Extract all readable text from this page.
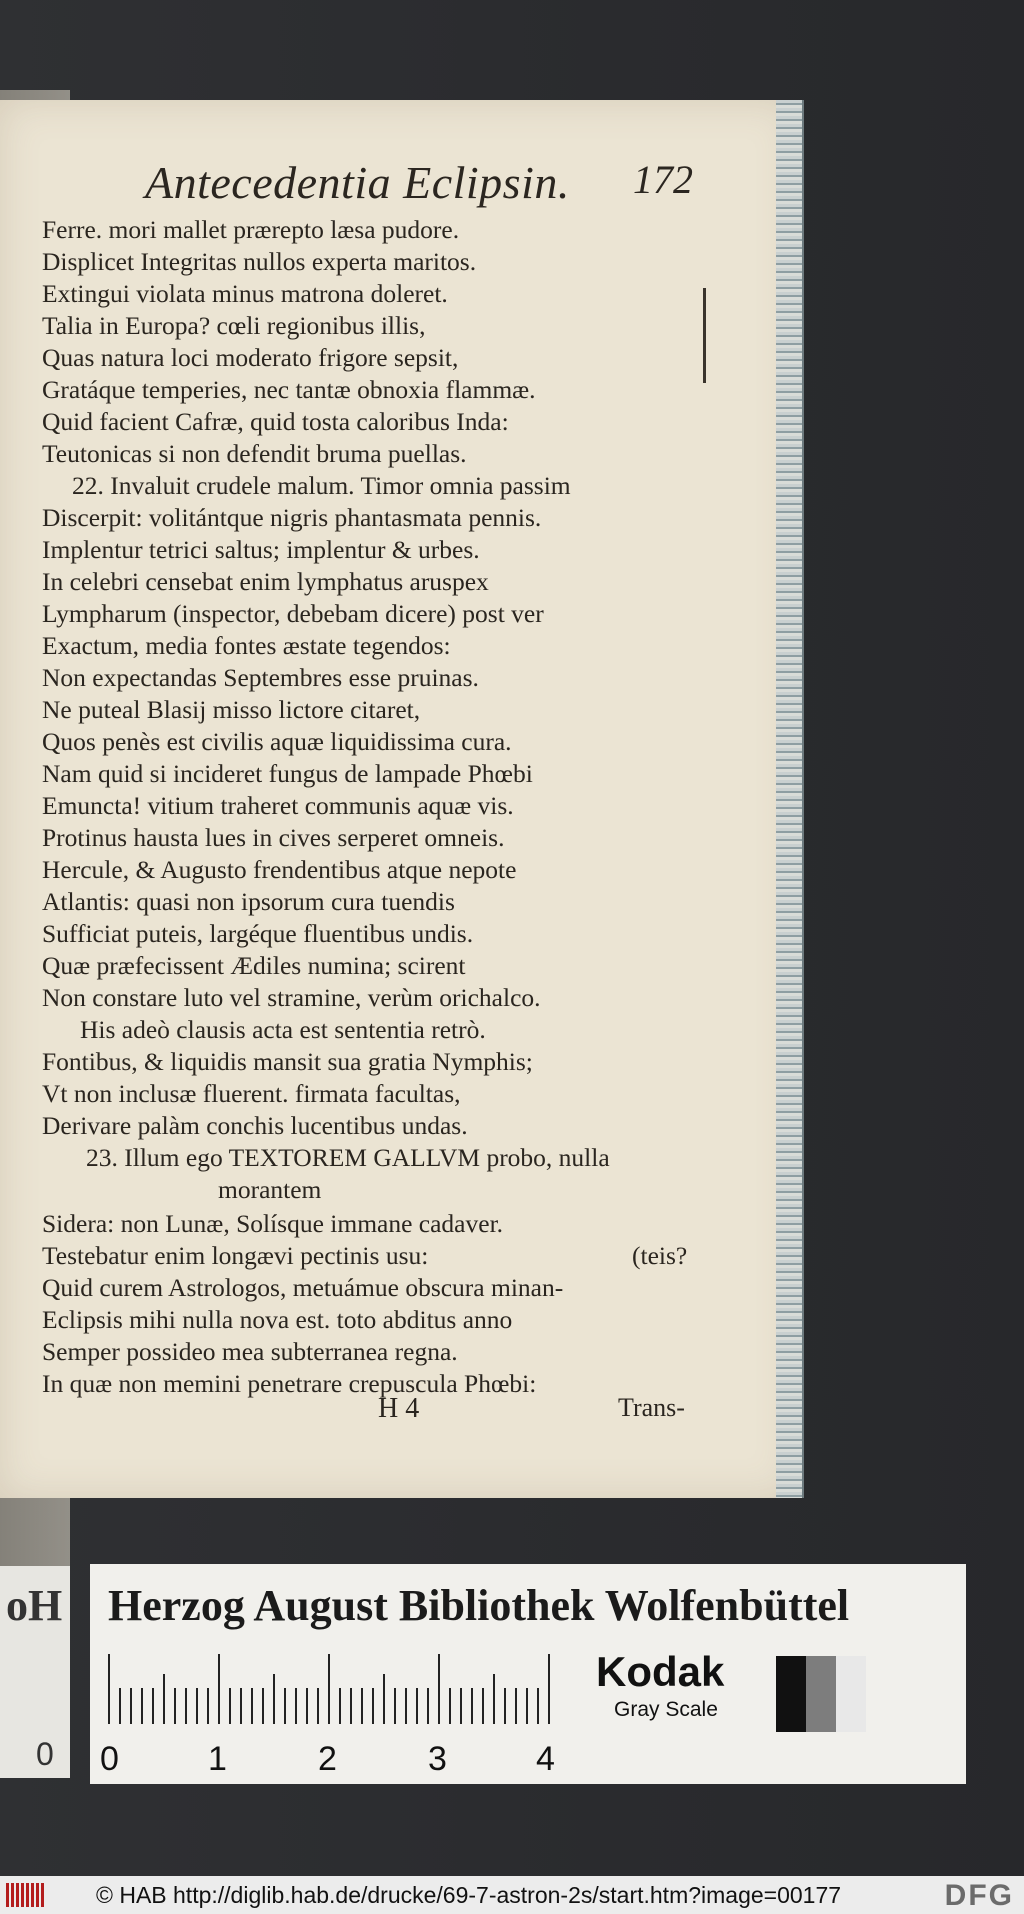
Antecedentia Eclipsin. 172
Ferre. mori mallet prærepto læsa pudore.
Displicet Integritas nullos experta maritos.
Extingui violata minus matrona doleret.
Talia in Europa? cœli regionibus illis,
Quas natura loci moderato frigore sepsit,
Gratáque temperies, nec tantæ obnoxia flammæ.
Quid facient Cafræ, quid tosta caloribus Inda:
Teutonicas si non defendit bruma puellas.
22. Invaluit crudele malum. Timor omnia passim
Discerpit: volitántque nigris phantasmata pennis.
Implentur tetrici saltus; implentur & urbes.
In celebri censebat enim lymphatus aruspex
Lympharum (inspector, debebam dicere) post ver
Exactum, media fontes æstate tegendos:
Non expectandas Septembres esse pruinas.
Ne puteal Blasij misso lictore citaret,
Quos penès est civilis aquæ liquidissima cura.
Nam quid si incideret fungus de lampade Phœbi
Emuncta! vitium traheret communis aquæ vis.
Protinus hausta lues in cives serperet omneis.
Hercule, & Augusto frendentibus atque nepote
Atlantis: quasi non ipsorum cura tuendis
Sufficiat puteis, largéque fluentibus undis.
Quæ præfecissent Ædiles numina; scirent
Non constare luto vel stramine, verùm orichalco.
His adeò clausis acta est sententia retrò.
Fontibus, & liquidis mansit sua gratia Nymphis;
Vt non inclusæ fluerent. firmata facultas,
Derivare palàm conchis lucentibus undas.
23. Illum ego TEXTOREM GALLVM probo, nulla
morantem
Sidera: non Lunæ, Solísque immane cadaver.
Testebatur enim longævi pectinis usu:	(teis?
Quid curem Astrologos, metuámue obscura minan-
Eclipsis mihi nulla nova est. toto abditus anno
Semper possideo mea subterranea regna.
In quæ non memini penetrare crepuscula Phœbi:
H 4	Trans-
oH
0
Herzog August Bibliothek Wolfenbüttel
0	1	2	3	4
Kodak
Gray Scale
© HAB http://diglib.hab.de/drucke/69-7-astron-2s/start.htm?image=00177	DFG
